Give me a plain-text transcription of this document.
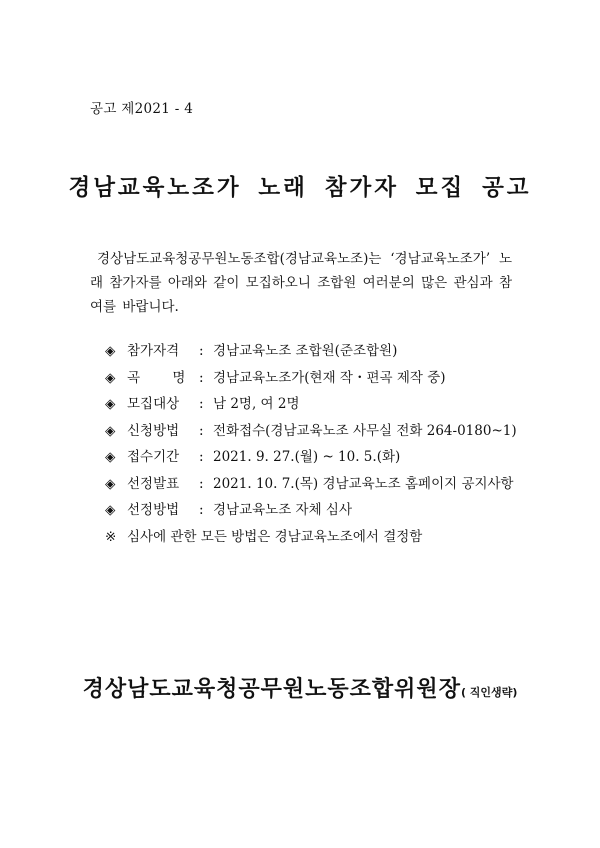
공고 제2021 - 4
경남교육노조가 노래 참가자 모집 공고
경상남도교육청공무원노동조합(경남교육노조)는 ‘경남교육노조가’ 노래 참가자를 아래와 같이 모집하오니 조합원 여러분의 많은 관심과 참여를 바랍니다.
◈ 참가자격 : 경남교육노조 조합원(준조합원)
◈ 곡 명 : 경남교육노조가(현재 작・편곡 제작 중)
◈ 모집대상 : 남 2명, 여 2명
◈ 신청방법 : 전화접수(경남교육노조 사무실 전화 264-0180~1)
◈ 접수기간 : 2021. 9. 27.(월) ~ 10. 5.(화)
◈ 선정발표 : 2021. 10. 7.(목) 경남교육노조 홈페이지 공지사항
◈ 선정방법 : 경남교육노조 자체 심사
※ 심사에 관한 모든 방법은 경남교육노조에서 결정함
경상남도교육청공무원노동조합위원장( 직인생략)
